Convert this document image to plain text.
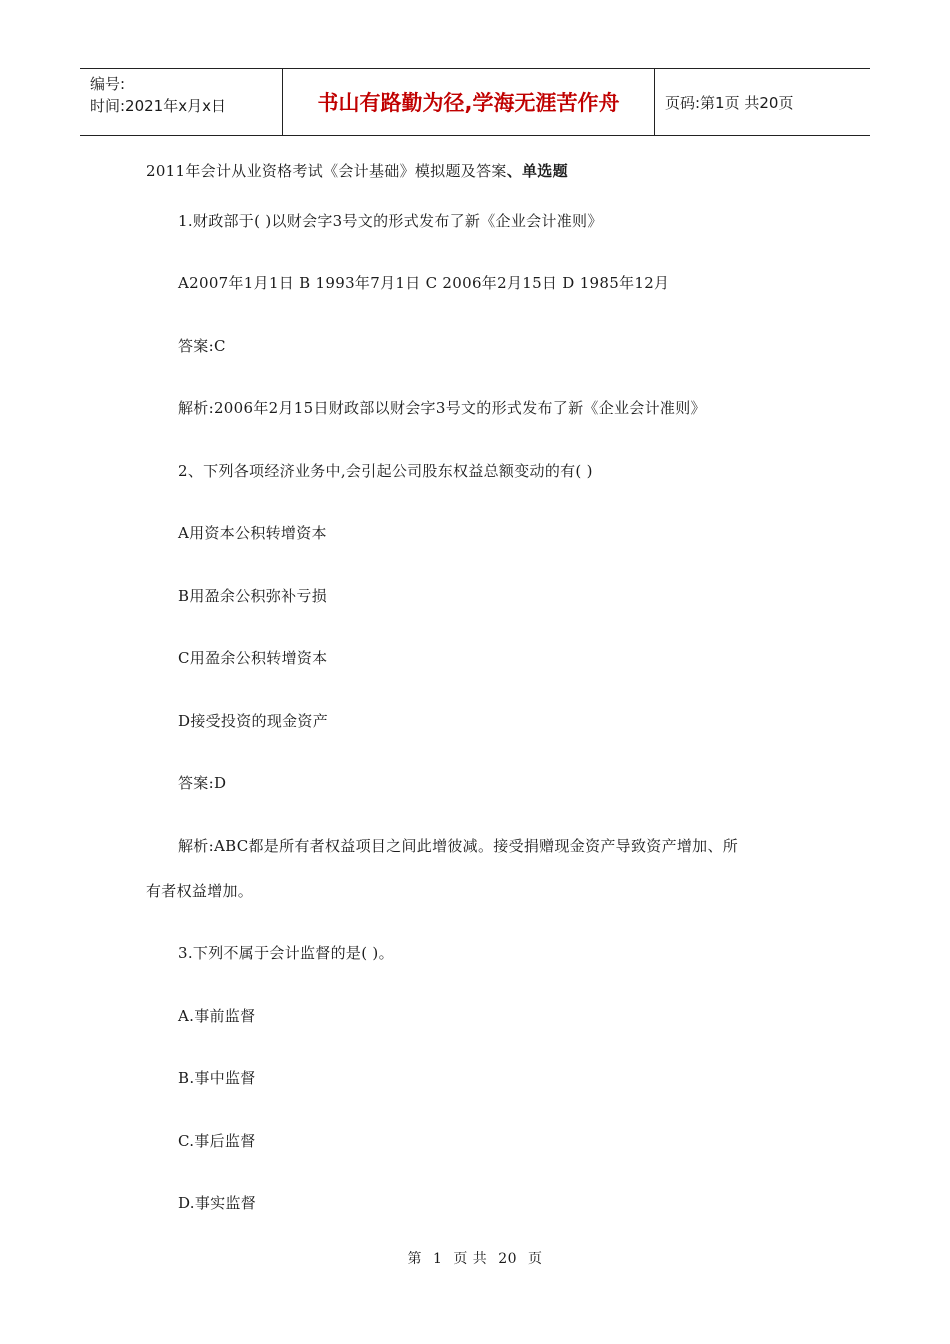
编号:
时间:2021年x月x日	书山有路勤为径,学海无涯苦作舟	页码:第1页 共20页
2011年会计从业资格考试《会计基础》模拟题及答案、单选题
1.财政部于( )以财会字3号文的形式发布了新《企业会计准则》
A2007年1月1日 B 1993年7月1日 C 2006年2月15日 D 1985年12月
答案:C
解析:2006年2月15日财政部以财会字3号文的形式发布了新《企业会计准则》
2、下列各项经济业务中,会引起公司股东权益总额变动的有( )
A用资本公积转增资本
B用盈余公积弥补亏损
C用盈余公积转增资本
D接受投资的现金资产
答案:D
解析:ABC都是所有者权益项目之间此增彼减。接受捐赠现金资产导致资产增加、所
有者权益增加。
3.下列不属于会计监督的是( )。
A.事前监督
B.事中监督
C.事后监督
D.事实监督
第 1 页 共 20 页
